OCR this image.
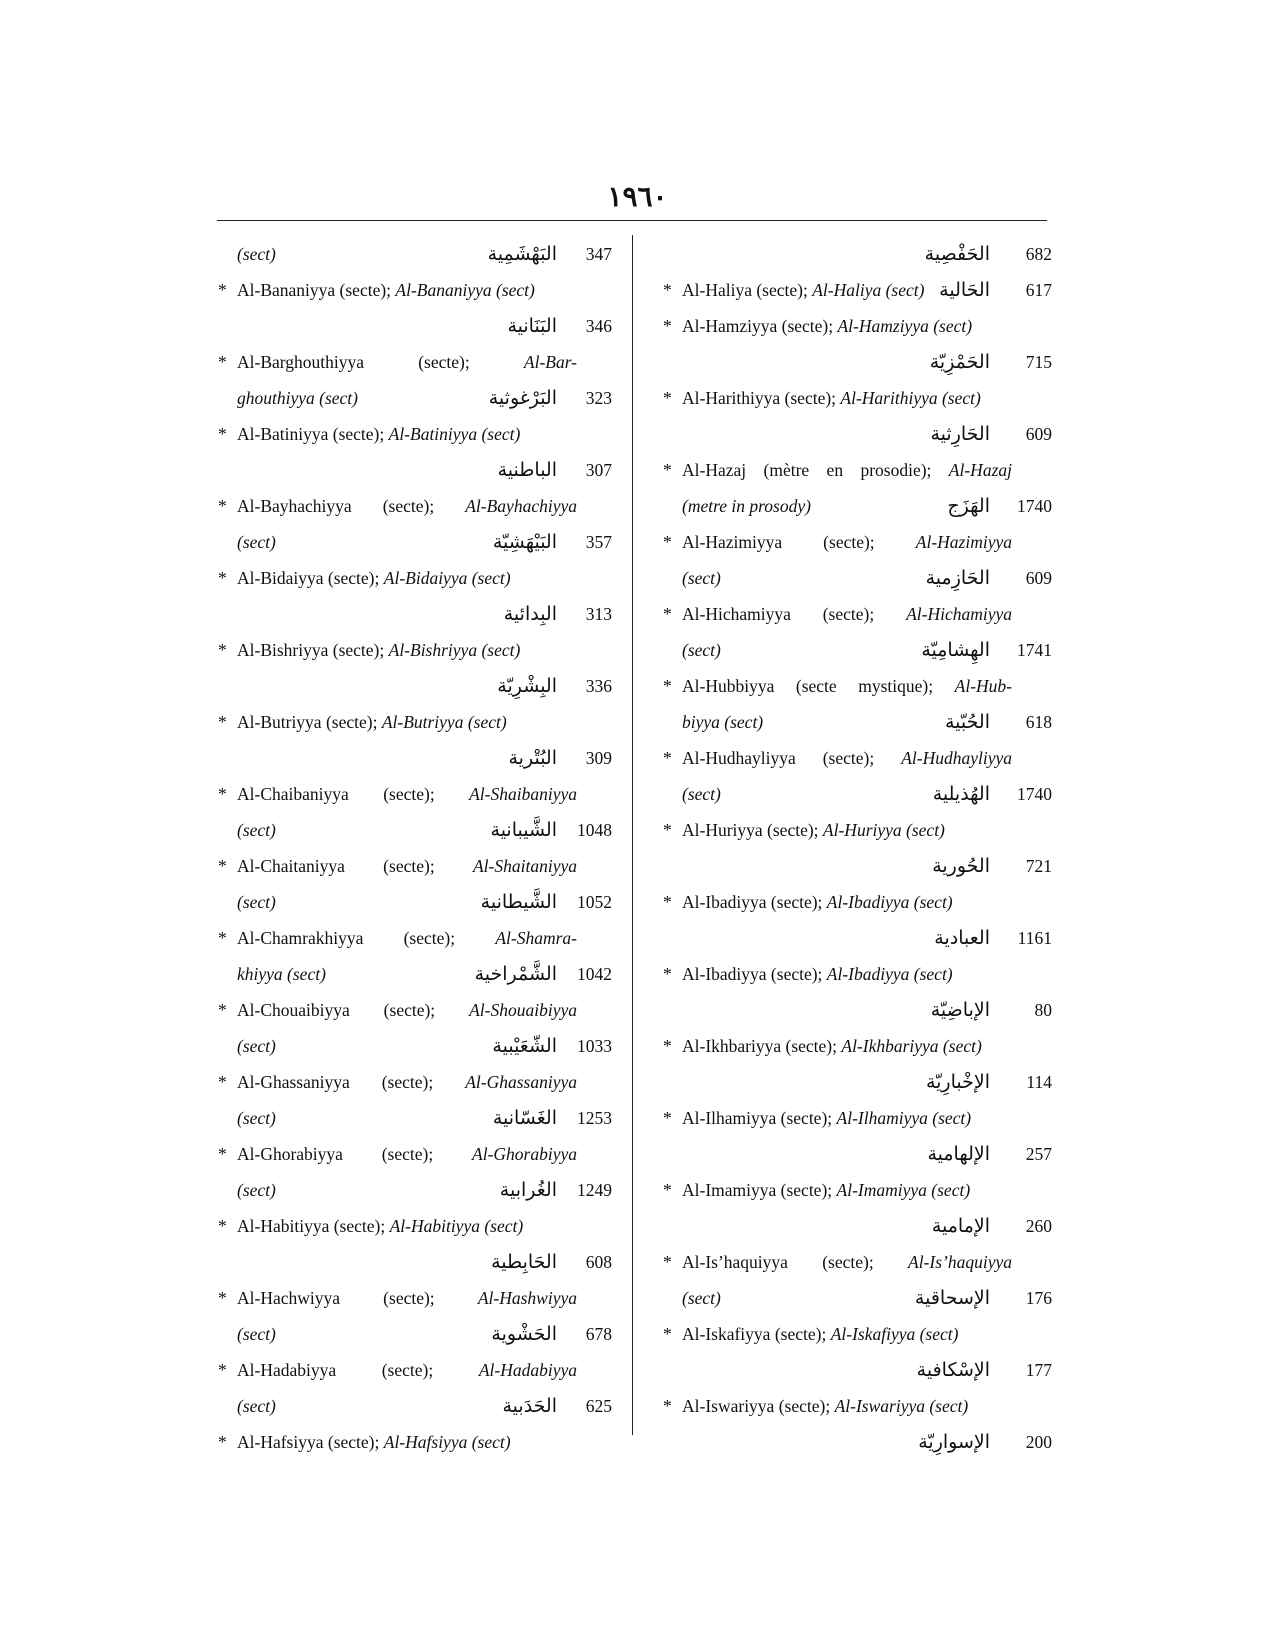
١٩٦٠
(sect)	البَهْشَمِية 347
* Al-Bananiyya (secte); Al-Bananiyya (sect)
البَنَانية 346
* Al-Barghouthiyya (secte); Al-Bar-
ghouthiyya (sect)	البَرْغوثية 323
* Al-Batiniyya (secte); Al-Batiniyya (sect)
الباطنية 307
* Al-Bayhachiyya (secte); Al-Bayhachiyya
(sect)	البَيْهَشِيّة 357
* Al-Bidaiyya (secte); Al-Bidaiyya (sect)
البِدائية 313
* Al-Bishriyya (secte); Al-Bishriyya (sect)
البِشْرِيّة 336
* Al-Butriyya (secte); Al-Butriyya (sect)
البُتْرية 309
* Al-Chaibaniyya (secte); Al-Shaibaniyya
(sect)	الشَّيبانية 1048
* Al-Chaitaniyya (secte); Al-Shaitaniyya
(sect)	الشَّيطانية 1052
* Al-Chamrakhiyya (secte); Al-Shamra-
khiyya (sect)	الشَّمْراخية 1042
* Al-Chouaibiyya (secte); Al-Shouaibiyya
(sect)	الشّعَيْبية 1033
* Al-Ghassaniyya (secte); Al-Ghassaniyya
(sect)	الغَسّانية 1253
* Al-Ghorabiyya (secte); Al-Ghorabiyya
(sect)	الغُرابية 1249
* Al-Habitiyya (secte); Al-Habitiyya (sect)
الحَابِطية 608
* Al-Hachwiyya (secte); Al-Hashwiyya
(sect)	الحَشْوية 678
* Al-Hadabiyya (secte); Al-Hadabiyya
(sect)	الحَدَبية 625
* Al-Hafsiyya (secte); Al-Hafsiyya (sect)
الحَفْصِية 682
* Al-Haliya (secte); Al-Haliya (sect) الحَالية 617
* Al-Hamziyya (secte); Al-Hamziyya (sect)
الحَمْزِيّة 715
* Al-Harithiyya (secte); Al-Harithiyya (sect)
الحَارِثية 609
* Al-Hazaj (mètre en prosodie); Al-Hazaj
(metre in prosody)	الهَزَج 1740
* Al-Hazimiyya (secte); Al-Hazimiyya
(sect)	الحَازِمية 609
* Al-Hichamiyya (secte); Al-Hichamiyya
(sect)	الهِشامِيّة 1741
* Al-Hubbiyya (secte mystique); Al-Hub-
biyya (sect)	الحُبّية 618
* Al-Hudhayliyya (secte); Al-Hudhayliyya
(sect)	الهُذيلية 1740
* Al-Huriyya (secte); Al-Huriyya (sect)
الحُورية 721
* Al-Ibadiyya (secte); Al-Ibadiyya (sect)
العبادية 1161
* Al-Ibadiyya (secte); Al-Ibadiyya (sect)
الإباضِيّة	80
* Al-Ikhbariyya (secte); Al-Ikhbariyya (sect)
الإخْبارِيّة 114
* Al-Ilhamiyya (secte); Al-Ilhamiyya (sect)
الإلهامية 257
* Al-Imamiyya (secte); Al-Imamiyya (sect)
الإمامية 260
* Al-Is’haquiyya (secte); Al-Is’haquiyya
(sect)	الإسحاقية 176
* Al-Iskafiyya (secte); Al-Iskafiyya (sect)
الإسْكافية 177
* Al-Iswariyya (secte); Al-Iswariyya (sect)
الإسوارِيّة 200
